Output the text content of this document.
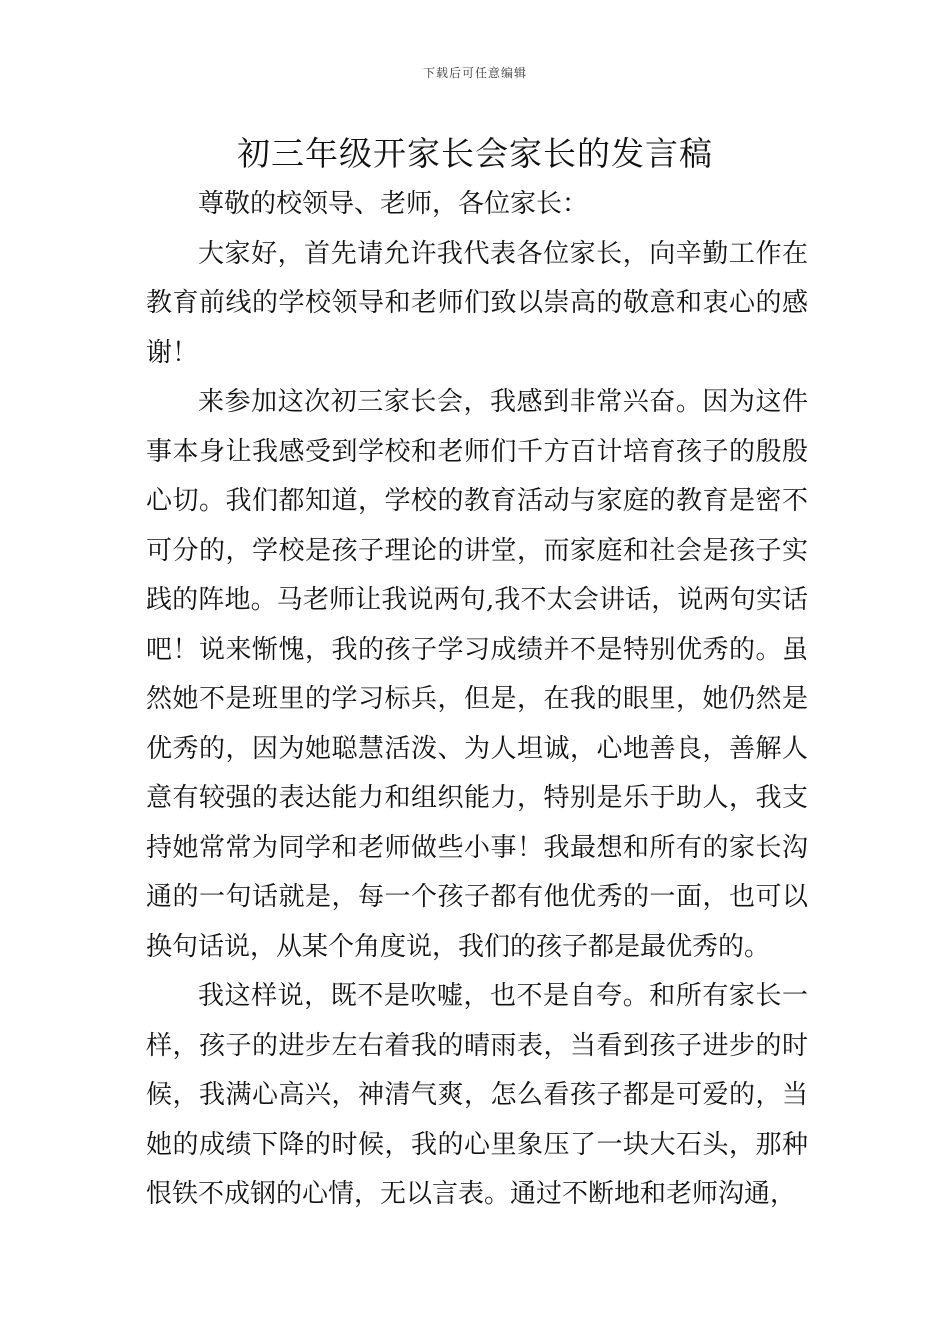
下载后可任意编辑
初三年级开家长会家长的发言稿

尊敬的校领导、老师，各位家长：

大家好，首先请允许我代表各位家长，向辛勤工作在教育前线的学校领导和老师们致以崇高的敬意和衷心的感谢！

来参加这次初三家长会，我感到非常兴奋。因为这件事本身让我感受到学校和老师们千方百计培育孩子的殷殷心切。我们都知道，学校的教育活动与家庭的教育是密不可分的，学校是孩子理论的讲堂，而家庭和社会是孩子实践的阵地。马老师让我说两句,我不太会讲话，说两句实话吧！说来惭愧，我的孩子学习成绩并不是特别优秀的。虽然她不是班里的学习标兵，但是，在我的眼里，她仍然是优秀的，因为她聪慧活泼、为人坦诚，心地善良，善解人意有较强的表达能力和组织能力，特别是乐于助人，我支持她常常为同学和老师做些小事！我最想和所有的家长沟通的一句话就是，每一个孩子都有他优秀的一面，也可以换句话说，从某个角度说，我们的孩子都是最优秀的。

我这样说，既不是吹嘘，也不是自夸。和所有家长一样，孩子的进步左右着我的晴雨表，当看到孩子进步的时候，我满心高兴，神清气爽，怎么看孩子都是可爱的，当她的成绩下降的时候，我的心里象压了一块大石头，那种恨铁不成钢的心情，无以言表。通过不断地和老师沟通，
